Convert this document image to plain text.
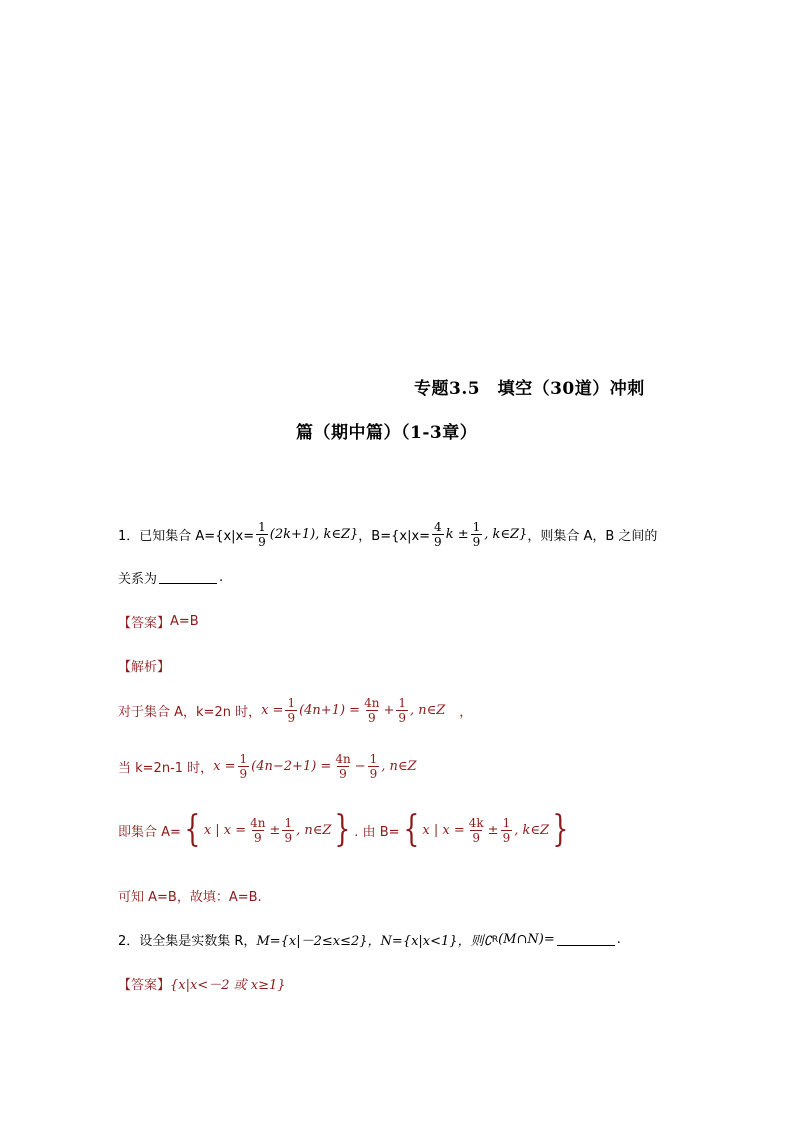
专题3.5　填空（30道）冲刺
篇（期中篇）（1-3章）
1．已知集合 $A=\{x|x= \frac{1}{9} (2k+1)$, k∈Z} ，$B=\{x|x= \frac{4}{9}$ $k \pm \frac{1}{9}$ , k∈Z} ，则集合 A，B 之间的
关系为	.
【答案】 A=B
【解析】
对于集合 A，k=2n 时， $x = \frac{1}{9} (4n+1) = \frac{4n}{9} + \frac{1}{9}$ , n∈Z ，
当 k=2n-1 时， $x = \frac{1}{9} (4n-2+1) = \frac{4n}{9} - \frac{1}{9}$ , n∈Z
即集合 A= { x | $x = \frac{4n}{9} \pm \frac{1}{9}$ , n∈Z } . 由 B= { x | $x = \frac{4k}{9} \pm \frac{1}{9}$ , k∈Z }
可知 A=B，故填：A=B.
2．设全集是实数集 R， M={x|－2≤x≤2}，N={x|x<1}，则∁ R (M∩N)=	.
【答案】 {x|x<－2 或 x≥1}
